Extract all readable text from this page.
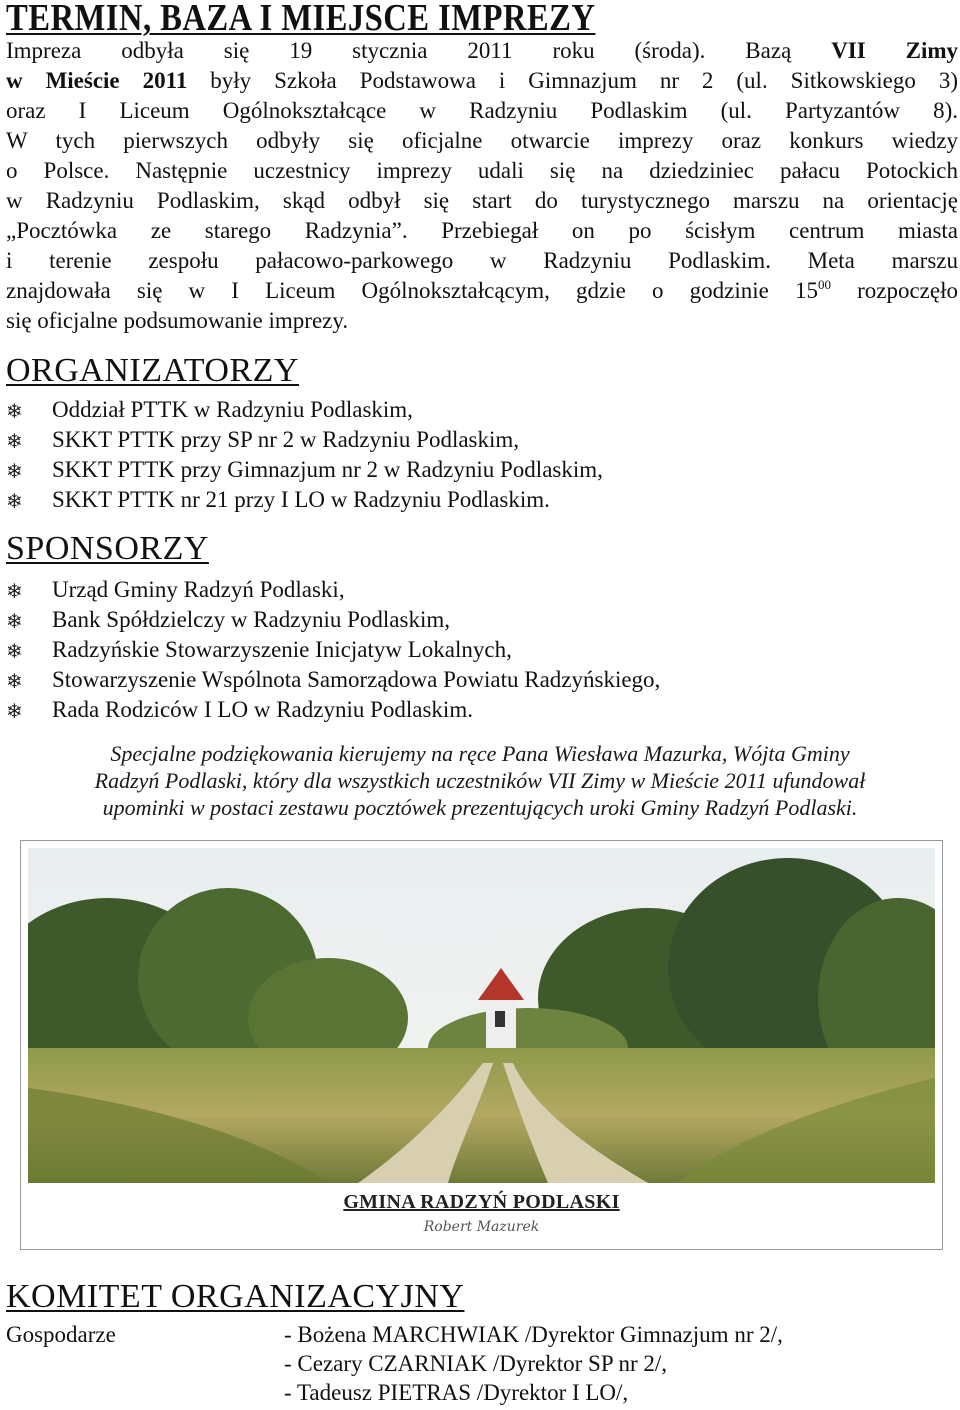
TERMIN, BAZA I MIEJSCE IMPREZY
Impreza odbyła się 19 stycznia 2011 roku (środa). Bazą VII Zimy
w Mieście 2011 były Szkoła Podstawowa i Gimnazjum nr 2 (ul. Sitkowskiego 3)
oraz I Liceum Ogólnokształcące w Radzyniu Podlaskim (ul. Partyzantów 8).
W tych pierwszych odbyły się oficjalne otwarcie imprezy oraz konkurs wiedzy
o Polsce. Następnie uczestnicy imprezy udali się na dziedziniec pałacu Potockich
w Radzyniu Podlaskim, skąd odbył się start do turystycznego marszu na orientację
„Pocztówka ze starego Radzynia”. Przebiegał on po ścisłym centrum miasta
i terenie zespołu pałacowo-parkowego w Radzyniu Podlaskim. Meta marszu
znajdowała się w I Liceum Ogólnokształcącym, gdzie o godzinie $15^{00}$ rozpoczęło
się oficjalne podsumowanie imprezy.
ORGANIZATORZY
❄ Oddział PTTK w Radzyniu Podlaskim,
❄ SKKT PTTK przy SP nr 2 w Radzyniu Podlaskim,
❄ SKKT PTTK przy Gimnazjum nr 2 w Radzyniu Podlaskim,
❄ SKKT PTTK nr 21 przy I LO w Radzyniu Podlaskim.
SPONSORZY
❄ Urząd Gminy Radzyń Podlaski,
❄ Bank Spółdzielczy w Radzyniu Podlaskim,
❄ Radzyńskie Stowarzyszenie Inicjatyw Lokalnych,
❄ Stowarzyszenie Wspólnota Samorządowa Powiatu Radzyńskiego,
❄ Rada Rodziców I LO w Radzyniu Podlaskim.
Specjalne podziękowania kierujemy na ręce Pana Wiesława Mazurka, Wójta Gminy
Radzyń Podlaski, który dla wszystkich uczestników VII Zimy w Mieście 2011 ufundował
upominki w postaci zestawu pocztówek prezentujących uroki Gminy Radzyń Podlaski.
GMINA RADZYŃ PODLASKI
Robert Mazurek
KOMITET ORGANIZACYJNY
Gospodarze	- Bożena MARCHWIAK /Dyrektor Gimnazjum nr 2/,
- Cezary CZARNIAK /Dyrektor SP nr 2/,
- Tadeusz PIETRAS /Dyrektor I LO/,
